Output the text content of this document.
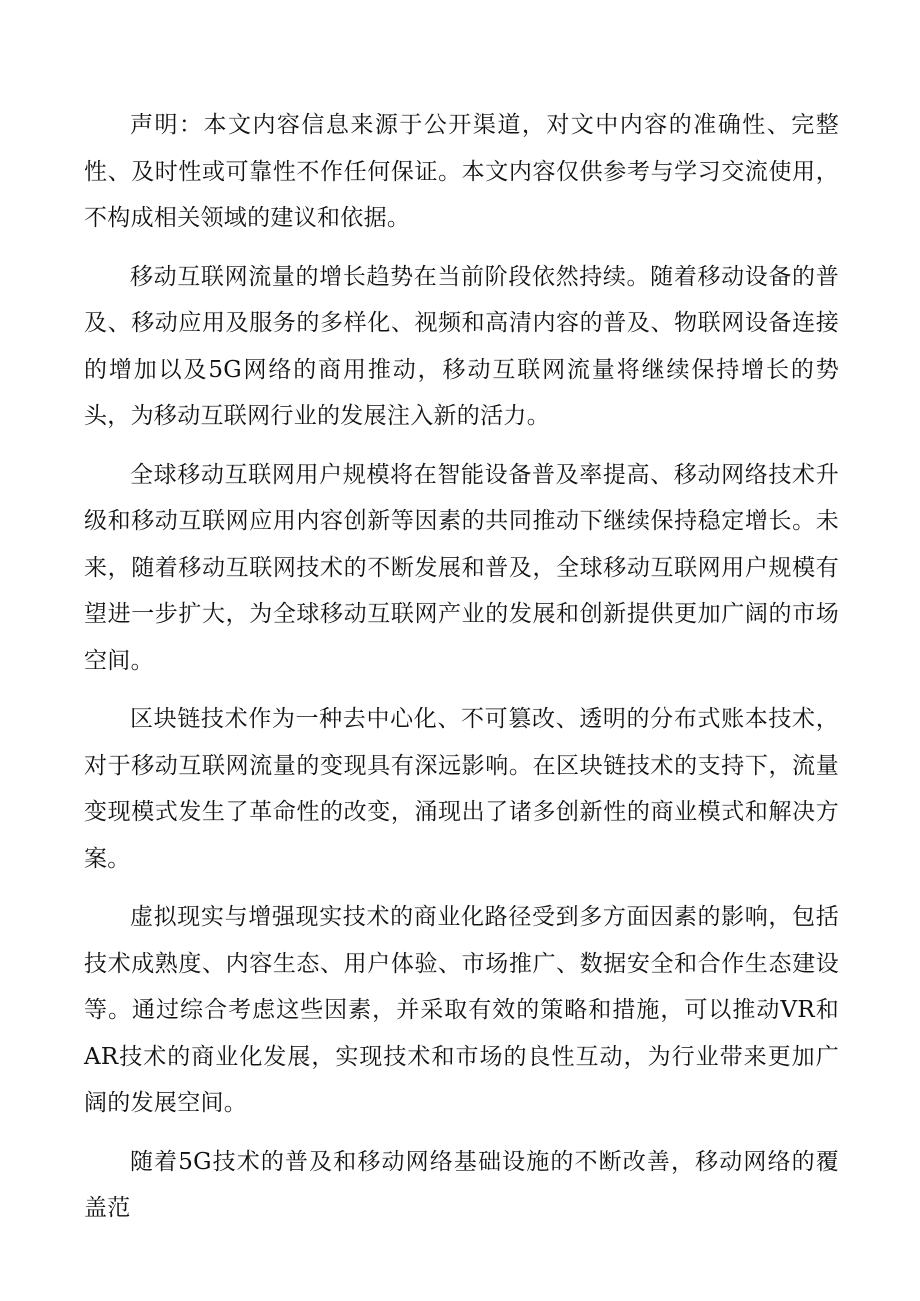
声明：本文内容信息来源于公开渠道，对文中内容的准确性、完整性、及时性或可靠性不作任何保证。本文内容仅供参考与学习交流使用，不构成相关领域的建议和依据。

移动互联网流量的增长趋势在当前阶段依然持续。随着移动设备的普及、移动应用及服务的多样化、视频和高清内容的普及、物联网设备连接的增加以及5G网络的商用推动，移动互联网流量将继续保持增长的势头，为移动互联网行业的发展注入新的活力。

全球移动互联网用户规模将在智能设备普及率提高、移动网络技术升级和移动互联网应用内容创新等因素的共同推动下继续保持稳定增长。未来，随着移动互联网技术的不断发展和普及，全球移动互联网用户规模有望进一步扩大，为全球移动互联网产业的发展和创新提供更加广阔的市场空间。

区块链技术作为一种去中心化、不可篡改、透明的分布式账本技术，对于移动互联网流量的变现具有深远影响。在区块链技术的支持下，流量变现模式发生了革命性的改变，涌现出了诸多创新性的商业模式和解决方案。

虚拟现实与增强现实技术的商业化路径受到多方面因素的影响，包括技术成熟度、内容生态、用户体验、市场推广、数据安全和合作生态建设等。通过综合考虑这些因素，并采取有效的策略和措施，可以推动VR和AR技术的商业化发展，实现技术和市场的良性互动，为行业带来更加广阔的发展空间。

随着5G技术的普及和移动网络基础设施的不断改善，移动网络的覆盖范
